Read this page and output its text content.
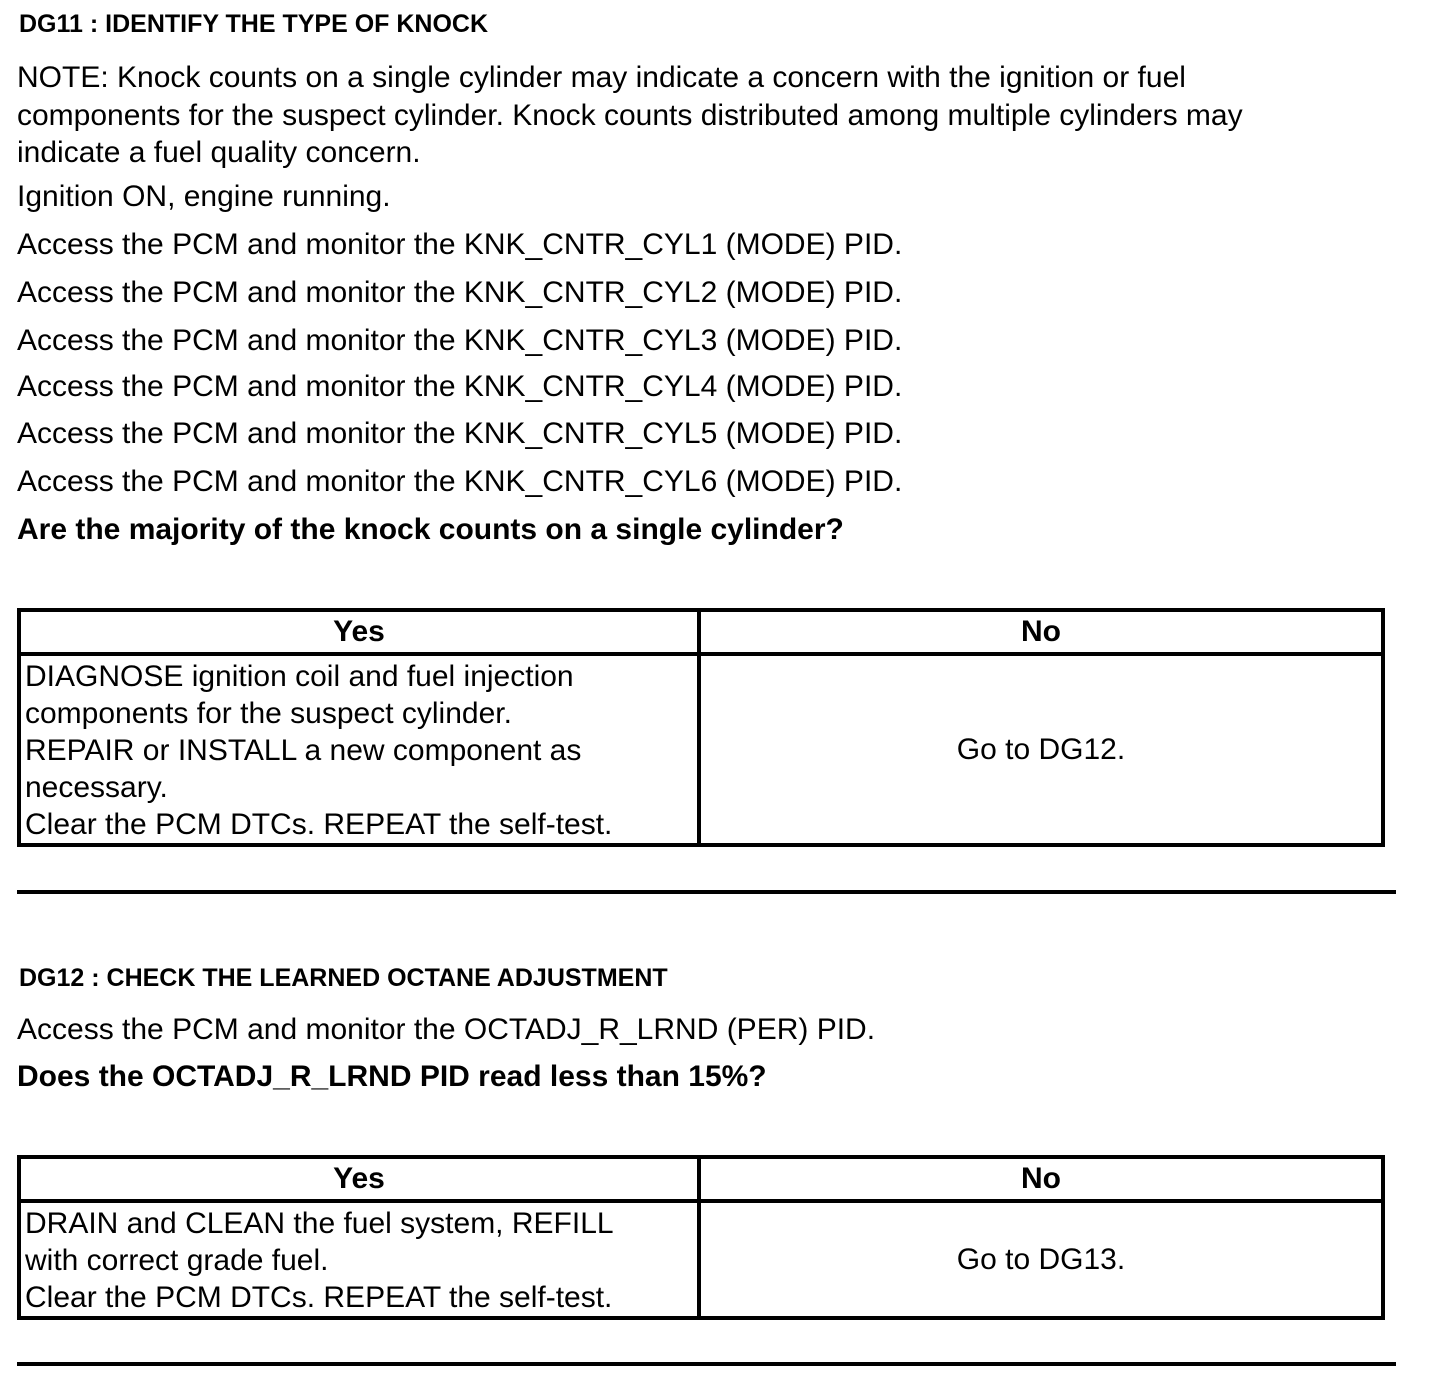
DG11 : IDENTIFY THE TYPE OF KNOCK
NOTE: Knock counts on a single cylinder may indicate a concern with the ignition or fuel
components for the suspect cylinder. Knock counts distributed among multiple cylinders may
indicate a fuel quality concern.
Ignition ON, engine running.
Access the PCM and monitor the KNK_CNTR_CYL1 (MODE) PID.
Access the PCM and monitor the KNK_CNTR_CYL2 (MODE) PID.
Access the PCM and monitor the KNK_CNTR_CYL3 (MODE) PID.
Access the PCM and monitor the KNK_CNTR_CYL4 (MODE) PID.
Access the PCM and monitor the KNK_CNTR_CYL5 (MODE) PID.
Access the PCM and monitor the KNK_CNTR_CYL6 (MODE) PID.
Are the majority of the knock counts on a single cylinder?
Yes	No

DIAGNOSE ignition coil and fuel injection
components for the suspect cylinder.
REPAIR or INSTALL a new component as
necessary.
Clear the PCM DTCs. REPEAT the self-test.	Go to DG12.
DG12 : CHECK THE LEARNED OCTANE ADJUSTMENT
Access the PCM and monitor the OCTADJ_R_LRND (PER) PID.
Does the OCTADJ_R_LRND PID read less than 15%?
Yes	No

DRAIN and CLEAN the fuel system, REFILL
with correct grade fuel.
Clear the PCM DTCs. REPEAT the self-test.	Go to DG13.
